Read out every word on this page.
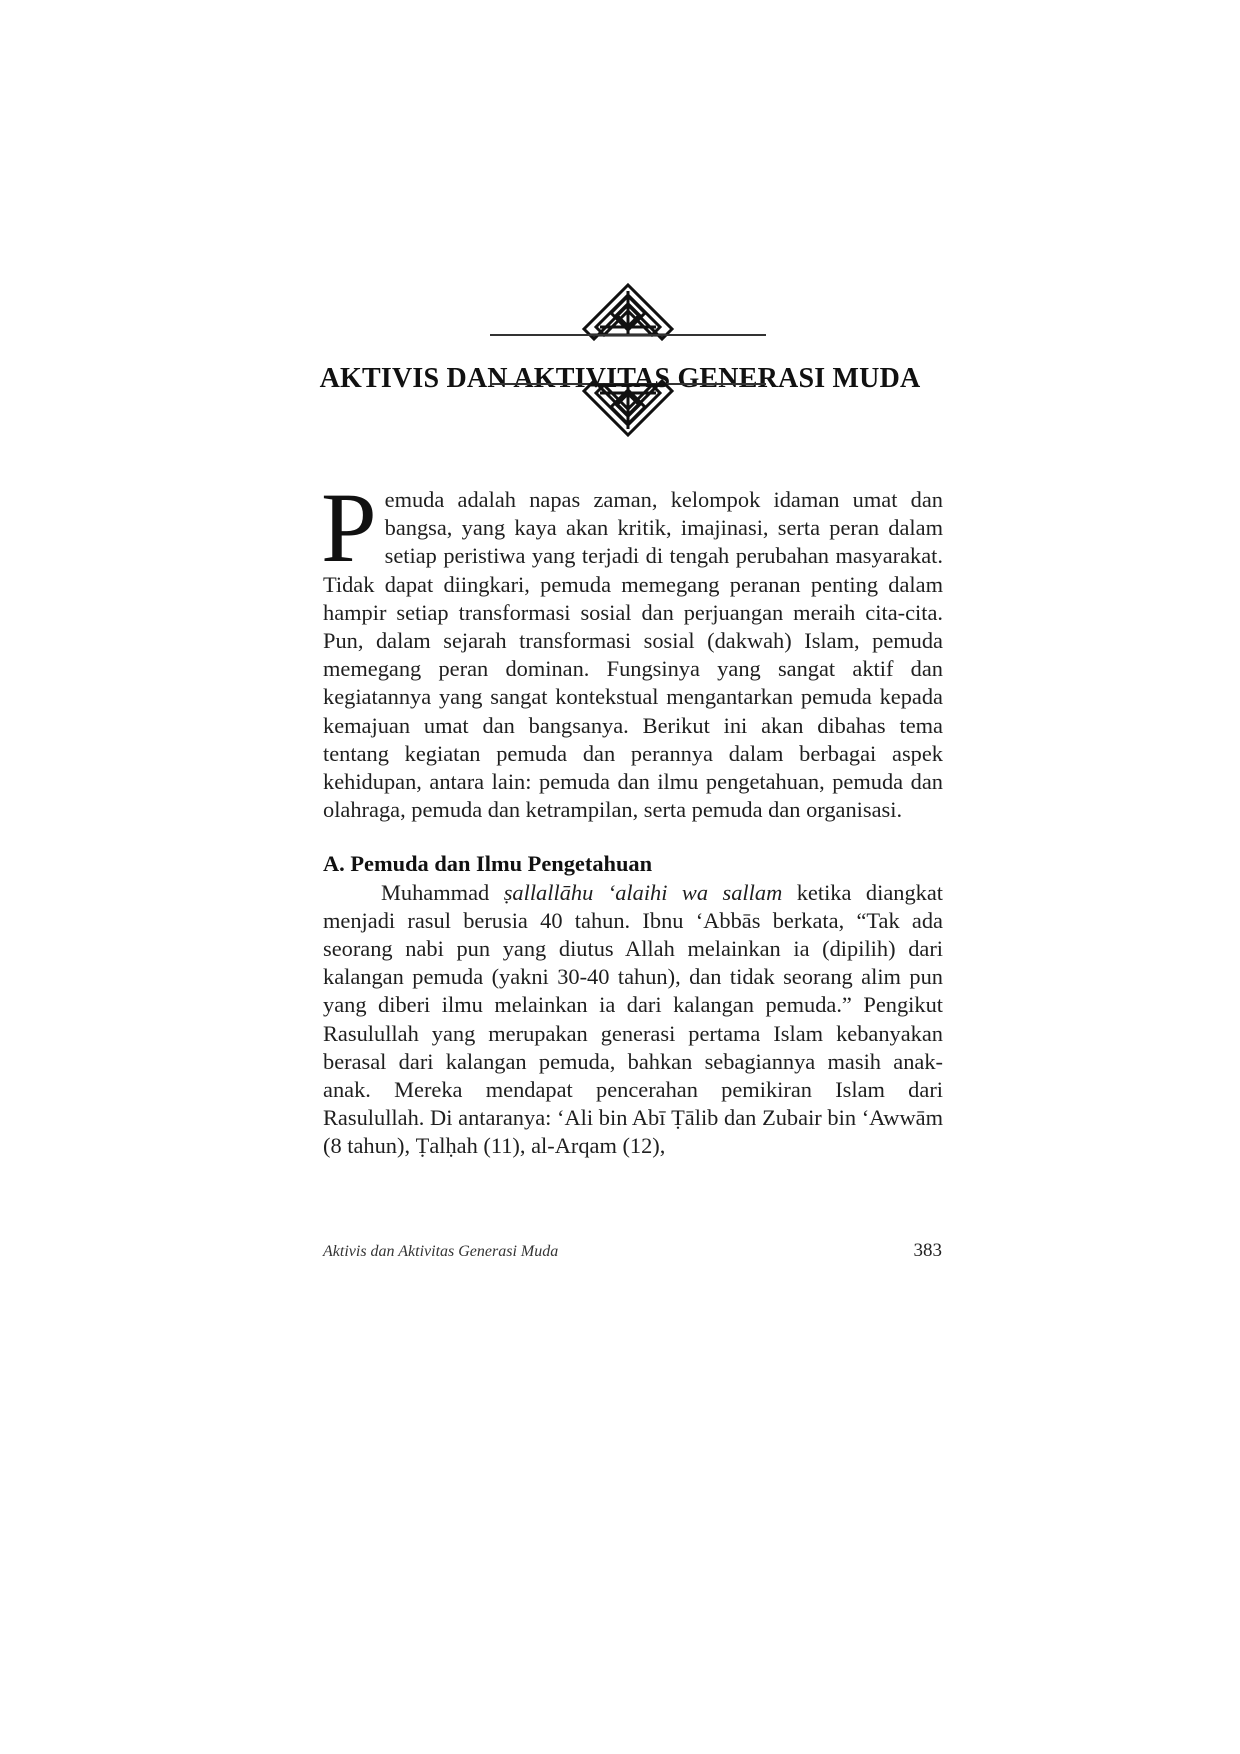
AKTIVIS DAN AKTIVITAS GENERASI MUDA

Pemuda adalah napas zaman, kelompok idaman umat dan bangsa, yang kaya akan kritik, imajinasi, serta peran dalam setiap peristiwa yang terjadi di tengah perubahan masyarakat. Tidak dapat diingkari, pemuda memegang peranan penting dalam hampir setiap transformasi sosial dan perjuangan meraih cita-cita. Pun, dalam sejarah transformasi sosial (dakwah) Islam, pemuda memegang peran dominan. Fungsinya yang sangat aktif dan kegiatannya yang sangat kontekstual mengantarkan pemuda kepada kemajuan umat dan bangsanya. Berikut ini akan dibahas tema tentang kegiatan pemuda dan perannya dalam berbagai aspek kehidupan, antara lain: pemuda dan ilmu pengetahuan, pemuda dan olahraga, pemuda dan ketrampilan, serta pemuda dan organisasi.

A. Pemuda dan Ilmu Pengetahuan

Muhammad ṣallallāhu ‘alaihi wa sallam ketika diangkat menjadi rasul berusia 40 tahun. Ibnu ‘Abbās berkata, “Tak ada seorang nabi pun yang diutus Allah melainkan ia (dipilih) dari kalangan pemuda (yakni 30-40 tahun), dan tidak seorang alim pun yang diberi ilmu melainkan ia dari kalangan pemuda.” Pengikut Rasulullah yang merupakan generasi pertama Islam kebanyakan berasal dari kalangan pemuda, bahkan sebagiannya masih anak-anak. Mereka mendapat pencerahan pemikiran Islam dari Rasulullah. Di antaranya: ‘Ali bin Abī Ṭālib dan Zubair bin ‘Awwām (8 tahun), Ṭalḥah (11), al-Arqam (12),

Aktivis dan Aktivitas Generasi Muda	383
